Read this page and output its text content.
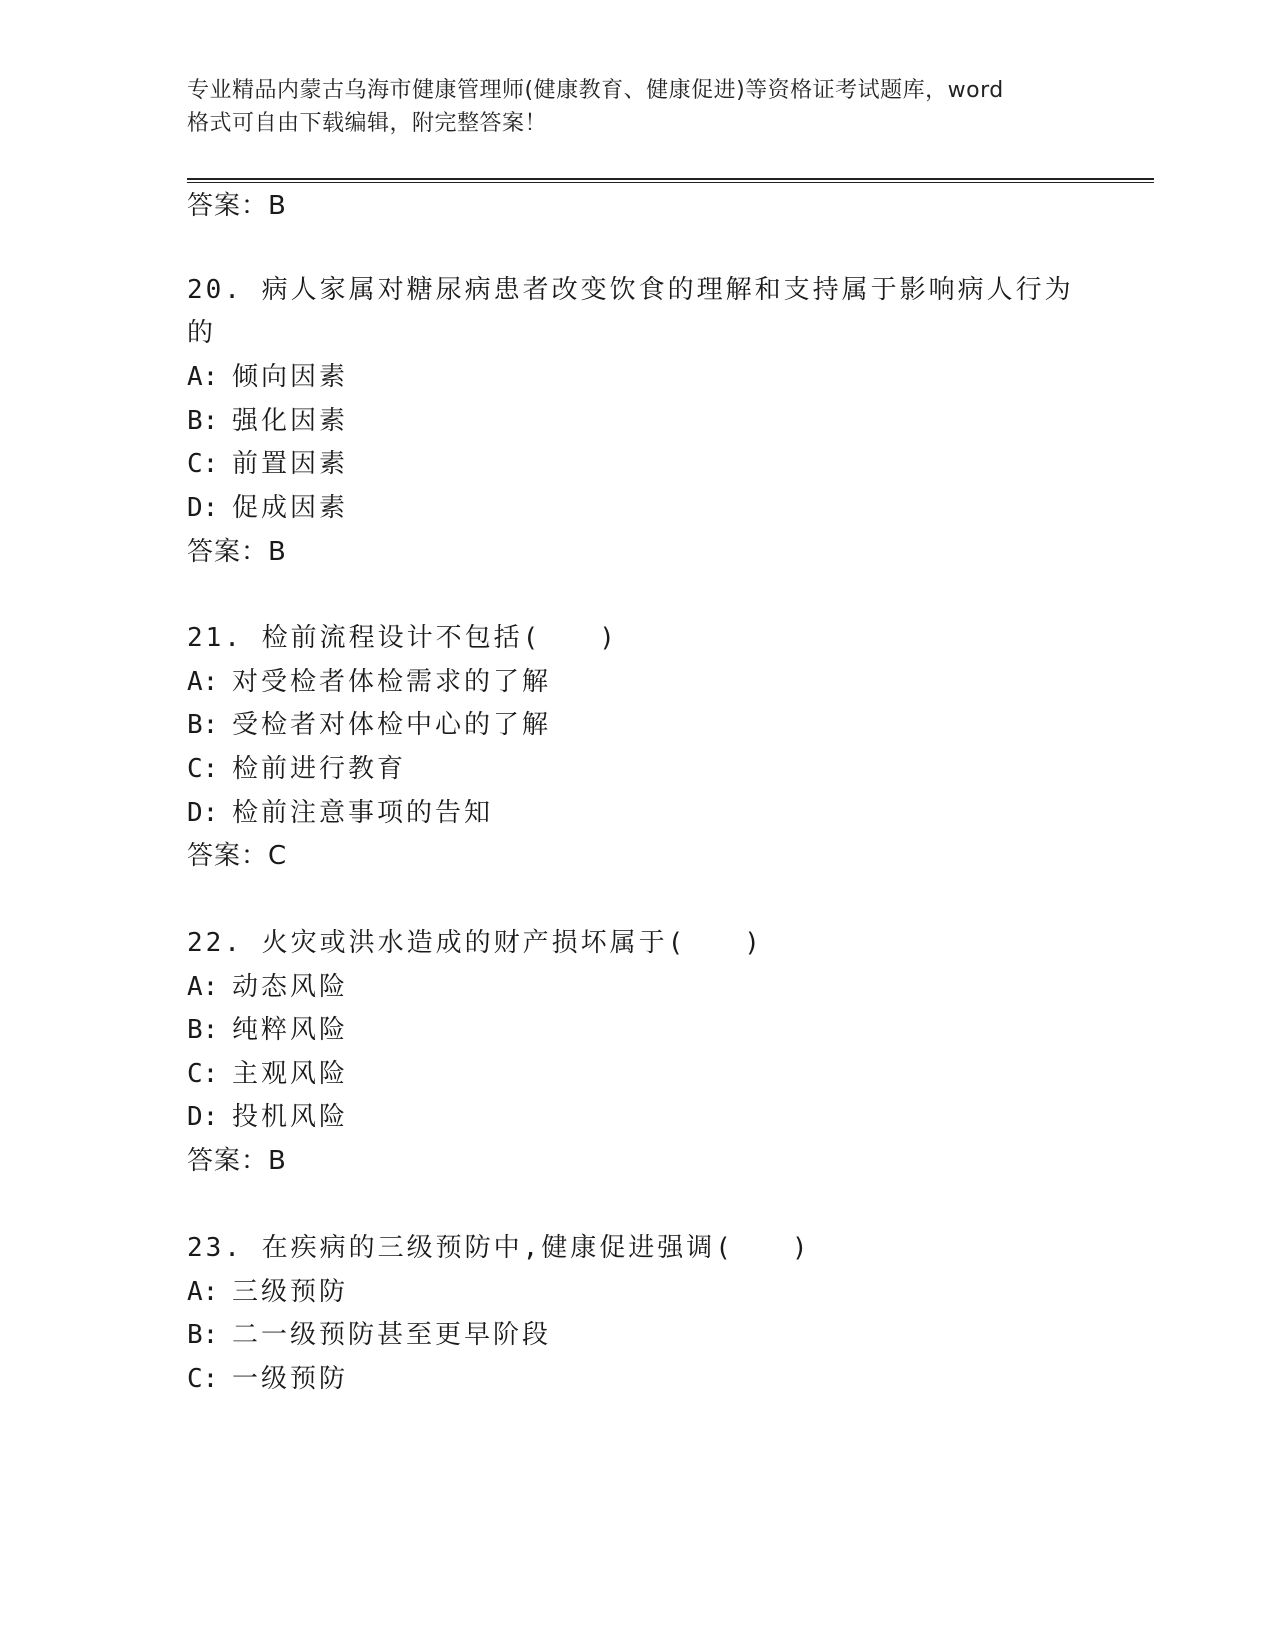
专业精品内蒙古乌海市健康管理师(健康教育、健康促进)等资格证考试题库，word
格式可自由下载编辑，附完整答案！
答案：B
20. 病人家属对糖尿病患者改变饮食的理解和支持属于影响病人行为
的
A: 倾向因素
B: 强化因素
C: 前置因素
D: 促成因素
答案：B
21. 检前流程设计不包括(　　)
A: 对受检者体检需求的了解
B: 受检者对体检中心的了解
C: 检前进行教育
D: 检前注意事项的告知
答案：C
22. 火灾或洪水造成的财产损坏属于(　　)
A: 动态风险
B: 纯粹风险
C: 主观风险
D: 投机风险
答案：B
23. 在疾病的三级预防中,健康促进强调(　　)
A: 三级预防
B: 二一级预防甚至更早阶段
C: 一级预防
